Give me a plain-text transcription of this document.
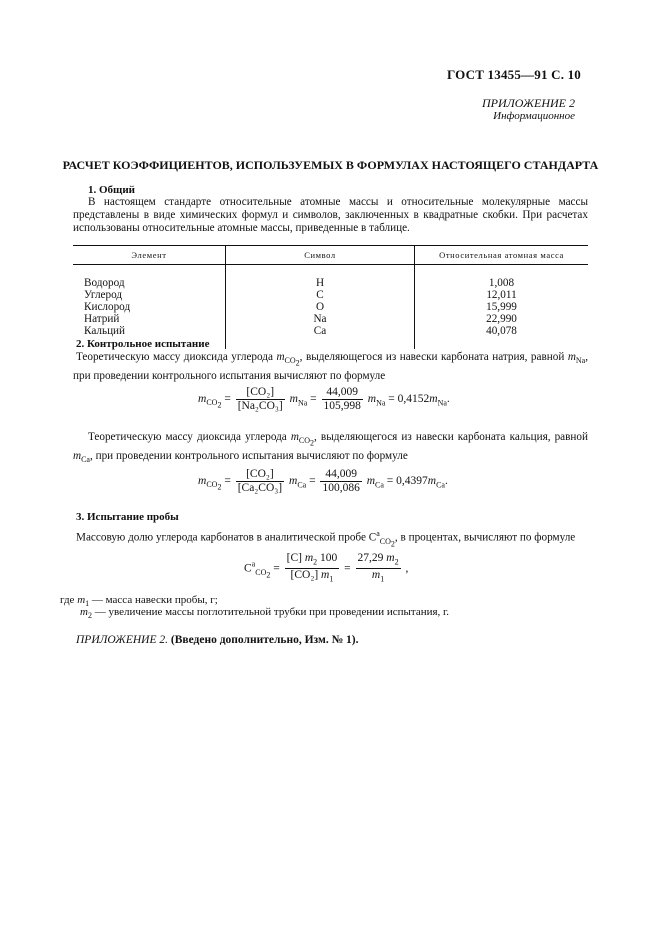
ГОСТ 13455—91 С. 10
ПРИЛОЖЕНИЕ 2
Информационное
РАСЧЕТ КОЭФФИЦИЕНТОВ, ИСПОЛЬЗУЕМЫХ В ФОРМУЛАХ НАСТОЯЩЕГО СТАНДАРТА
1. Общий

В настоящем стандарте относительные атомные массы и относительные молекулярные массы представлены в виде химических формул и символов, заключенных в квадратные скобки. При расчетах использованы относительные атомные массы, приведенные в таблице.

Элемент	Символ	Относительная атомная масса

Водород	H	1,008
Углерод	C	12,011
Кислород	O	15,999
Натрий	Na	22,990
Кальций	Ca	40,078

2. Контрольное испытание

Теоретическую массу диоксида углерода $m_{CO_2}$, выделяющегося из навески карбоната натрия, равной $m_{Na}$, при проведении контрольного испытания вычисляют по формуле

$m_{CO_2} = \frac{\text{[CO₂]}}{\text{[Na₂CO₃]}} m_{Na} = \frac{44,009}{105,998} m_{Na} = 0,4152m_{Na}$.

Теоретическую массу диоксида углерода $m_{CO_2}$, выделяющегося из навески карбоната кальция, равной $m_{Ca}$, при проведении контрольного испытания вычисляют по формуле

$m_{CO_2} = \frac{\text{[CO₂]}}{\text{[Ca₂CO₃]}} m_{Ca} = \frac{44,009}{100,086} m_{Ca} = 0,4397m_{Ca}$.
3. Испытание пробы

Массовую долю углерода карбонатов в аналитической пробе $C^a_{CO_2}$, в процентах, вычисляют по формуле

$C^a_{CO_2} = \frac{[C] m_2 100}{[CO_2] m_1} = \frac{27,29 m_2}{m_1}$ ,
где $m_1$ — масса навески пробы, г;
$m_2$ — увеличение массы поглотительной трубки при проведении испытания, г.
ПРИЛОЖЕНИЕ 2. (Введено дополнительно, Изм. № 1).
